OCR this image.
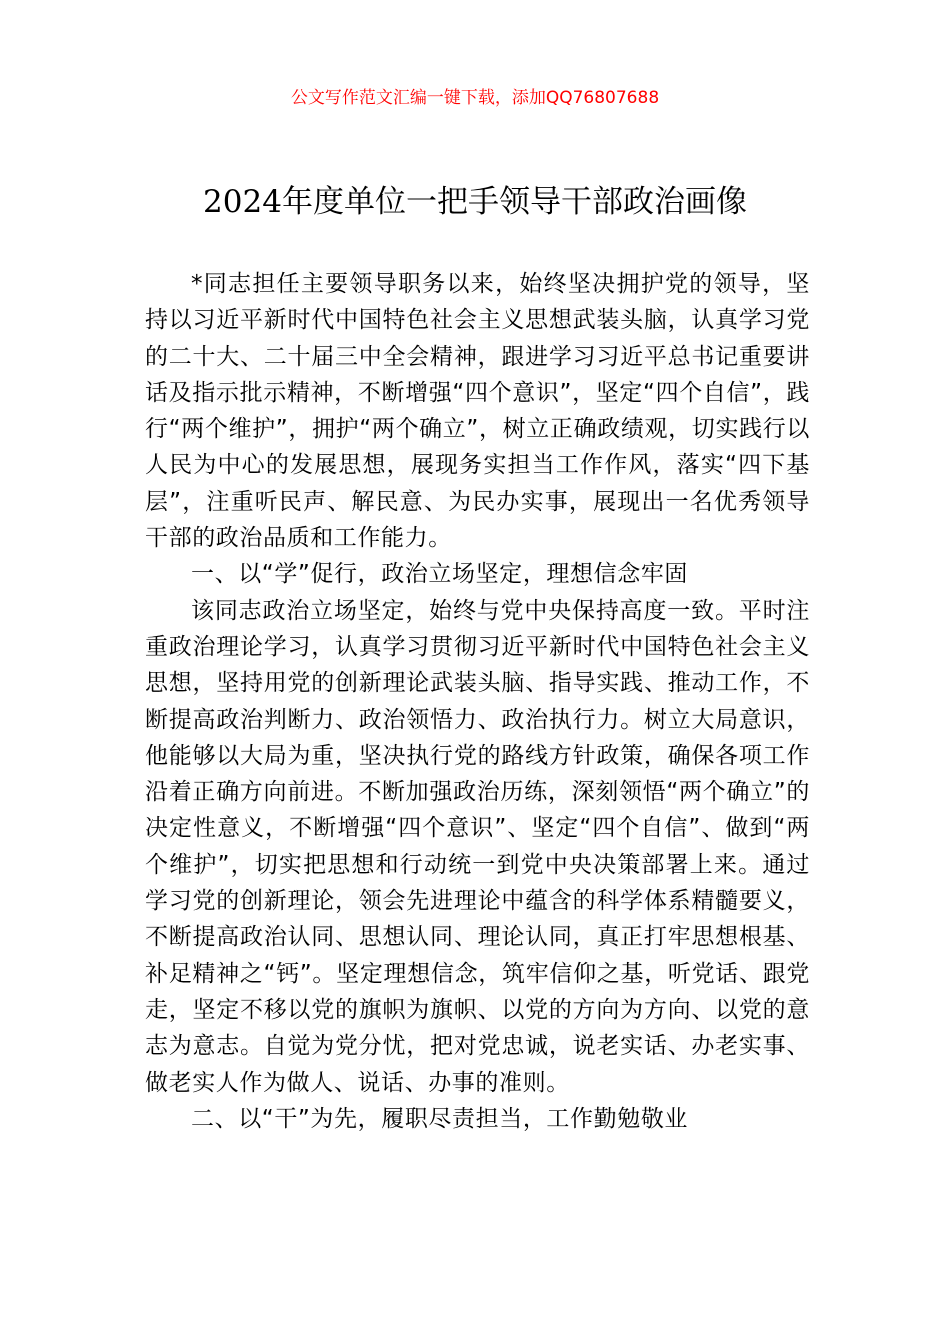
公文写作范文汇编一键下载，添加QQ76807688
2024年度单位一把手领导干部政治画像

*同志担任主要领导职务以来，始终坚决拥护党的领导，坚持以习近平新时代中国特色社会主义思想武装头脑，认真学习党的二十大、二十届三中全会精神，跟进学习习近平总书记重要讲话及指示批示精神，不断增强“四个意识”，坚定“四个自信”，践行“两个维护”，拥护“两个确立”，树立正确政绩观，切实践行以人民为中心的发展思想，展现务实担当工作作风，落实“四下基层”，注重听民声、解民意、为民办实事，展现出一名优秀领导干部的政治品质和工作能力。

一、以“学”促行，政治立场坚定，理想信念牢固

该同志政治立场坚定，始终与党中央保持高度一致。平时注重政治理论学习，认真学习贯彻习近平新时代中国特色社会主义思想，坚持用党的创新理论武装头脑、指导实践、推动工作，不断提高政治判断力、政治领悟力、政治执行力。树立大局意识，他能够以大局为重，坚决执行党的路线方针政策，确保各项工作沿着正确方向前进。不断加强政治历练，深刻领悟“两个确立”的决定性意义，不断增强“四个意识”、坚定“四个自信”、做到“两个维护”，切实把思想和行动统一到党中央决策部署上来。通过学习党的创新理论，领会先进理论中蕴含的科学体系精髓要义，不断提高政治认同、思想认同、理论认同，真正打牢思想根基、补足精神之“钙”。坚定理想信念，筑牢信仰之基，听党话、跟党走，坚定不移以党的旗帜为旗帜、以党的方向为方向、以党的意志为意志。自觉为党分忧，把对党忠诚，说老实话、办老实事、做老实人作为做人、说话、办事的准则。

二、以“干”为先，履职尽责担当，工作勤勉敬业
